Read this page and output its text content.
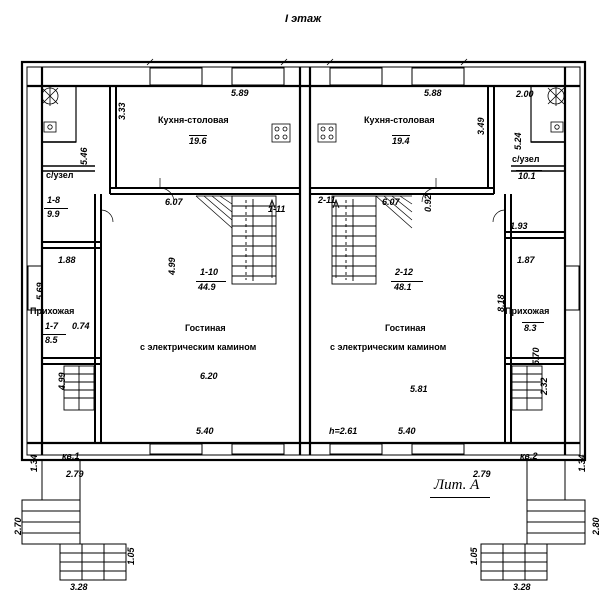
I этаж
Кухня-столовая
19.6
5.89
с/узел
1-8
9.9
Прихожая
1-7
8.5
1-10
44.9
Гостиная
с электрическим камином
1-11
6.07
3.33
5.46
5.69
4.99
1.88	4.99
6.20
5.40
0.74
2.79
кв.1
1.34
2.70
1.05
3.28
Кухня-столовая
19.4
5.88
с/узел
10.1
Прихожая
8.3
2-12
48.1
Гостиная
с электрическим камином
2-11	6.07	0.92
3.49
5.24
8.18
5.70
1.87
1.93
5.81
5.40
h=2.61
2.32
кв.2
2.79
1.34
2.80
1.05
3.28
2.00
Лит. А
